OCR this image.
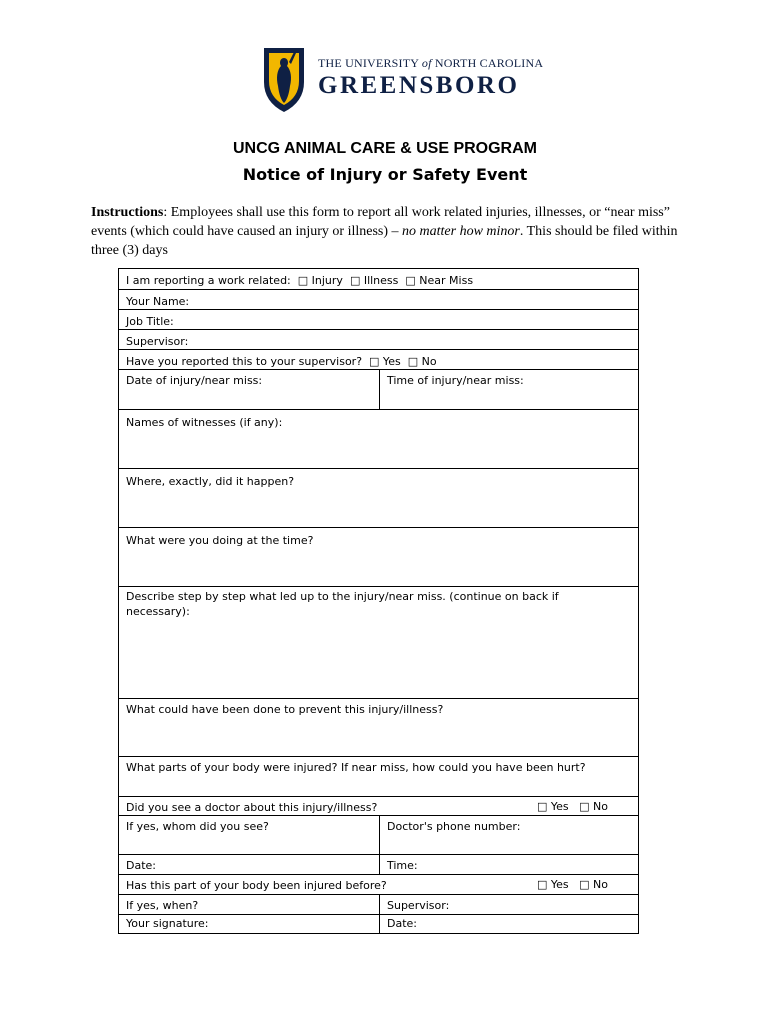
THE UNIVERSITY of NORTH CAROLINA
GREENSBORO
UNCG ANIMAL CARE & USE PROGRAM
Notice of Injury or Safety Event
Instructions: Employees shall use this form to report all work related injuries, illnesses, or “near miss” events (which could have caused an injury or illness) – no matter how minor. This should be filed within three (3) days
I am reporting a work related: □ Injury □ Illness □ Near Miss
Your Name:
Job Title:
Supervisor:
Have you reported this to your supervisor? □ Yes □ No
Date of injury/near miss:	Time of injury/near miss:
Names of witnesses (if any):
Where, exactly, did it happen?
What were you doing at the time?
Describe step by step what led up to the injury/near miss. (continue on back if necessary):
What could have been done to prevent this injury/illness?
What parts of your body were injured? If near miss, how could you have been hurt?
Did you see a doctor about this injury/illness?	□ Yes □ No
If yes, whom did you see?	Doctor's phone number:
Date:	Time:
Has this part of your body been injured before?	□ Yes □ No
If yes, when?	Supervisor:
Your signature:	Date:
